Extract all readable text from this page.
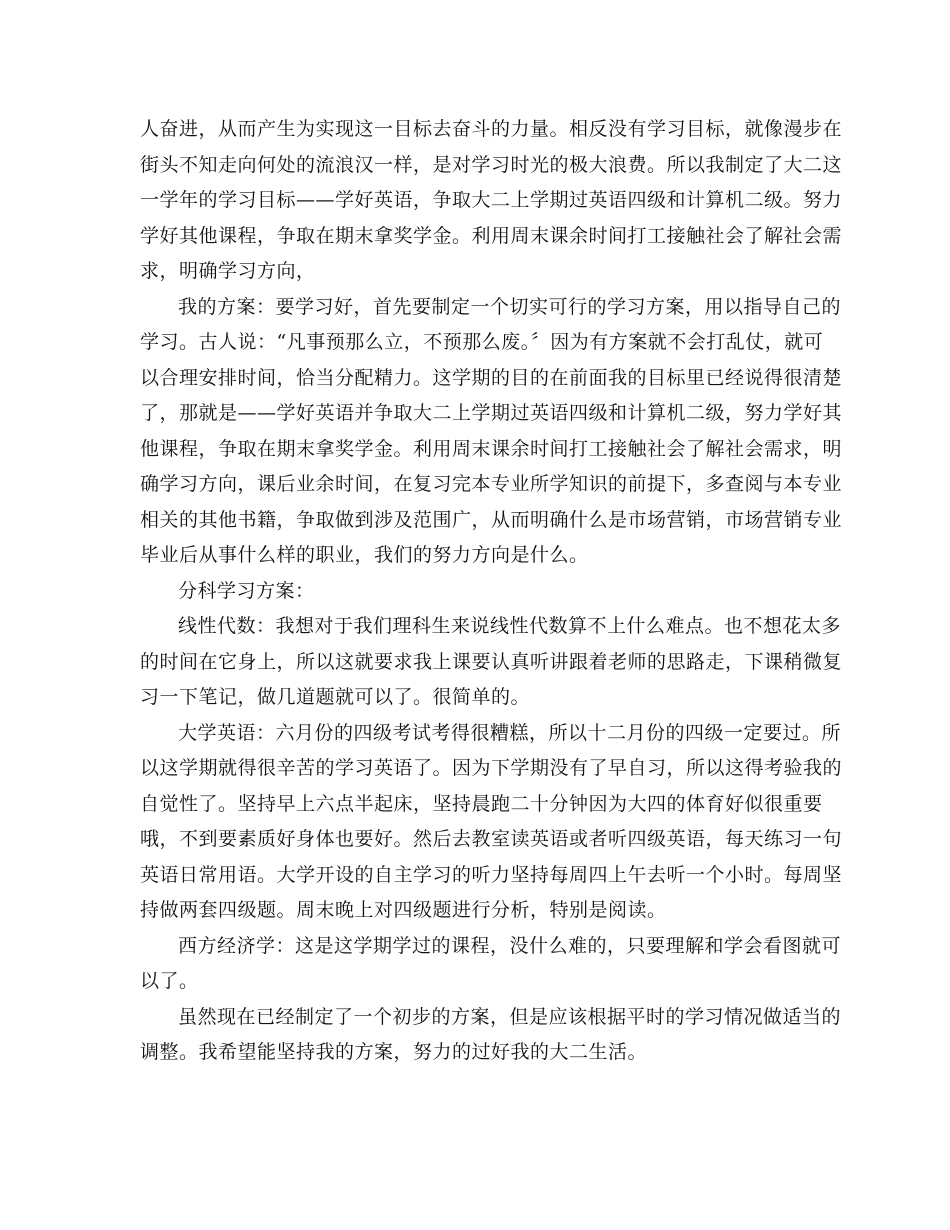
人奋进，从而产生为实现这一目标去奋斗的力量。相反没有学习目标，就像漫步在
街头不知走向何处的流浪汉一样，是对学习时光的极大浪费。所以我制定了大二这
一学年的学习目标——学好英语，争取大二上学期过英语四级和计算机二级。努力
学好其他课程，争取在期末拿奖学金。利用周末课余时间打工接触社会了解社会需
求，明确学习方向，
我的方案：要学习好，首先要制定一个切实可行的学习方案，用以指导自己的
学习。古人说：“凡事预那么立，不预那么废。〞因为有方案就不会打乱仗，就可
以合理安排时间，恰当分配精力。这学期的目的在前面我的目标里已经说得很清楚
了，那就是——学好英语并争取大二上学期过英语四级和计算机二级，努力学好其
他课程，争取在期末拿奖学金。利用周末课余时间打工接触社会了解社会需求，明
确学习方向，课后业余时间，在复习完本专业所学知识的前提下，多查阅与本专业
相关的其他书籍，争取做到涉及范围广，从而明确什么是市场营销，市场营销专业
毕业后从事什么样的职业，我们的努力方向是什么。
分科学习方案：
线性代数：我想对于我们理科生来说线性代数算不上什么难点。也不想花太多
的时间在它身上，所以这就要求我上课要认真听讲跟着老师的思路走，下课稍微复
习一下笔记，做几道题就可以了。很简单的。
大学英语：六月份的四级考试考得很糟糕，所以十二月份的四级一定要过。所
以这学期就得很辛苦的学习英语了。因为下学期没有了早自习，所以这得考验我的
自觉性了。坚持早上六点半起床，坚持晨跑二十分钟因为大四的体育好似很重要
哦，不到要素质好身体也要好。然后去教室读英语或者听四级英语，每天练习一句
英语日常用语。大学开设的自主学习的听力坚持每周四上午去听一个小时。每周坚
持做两套四级题。周末晚上对四级题进行分析，特别是阅读。
西方经济学：这是这学期学过的课程，没什么难的，只要理解和学会看图就可
以了。
虽然现在已经制定了一个初步的方案，但是应该根据平时的学习情况做适当的
调整。我希望能坚持我的方案，努力的过好我的大二生活。
